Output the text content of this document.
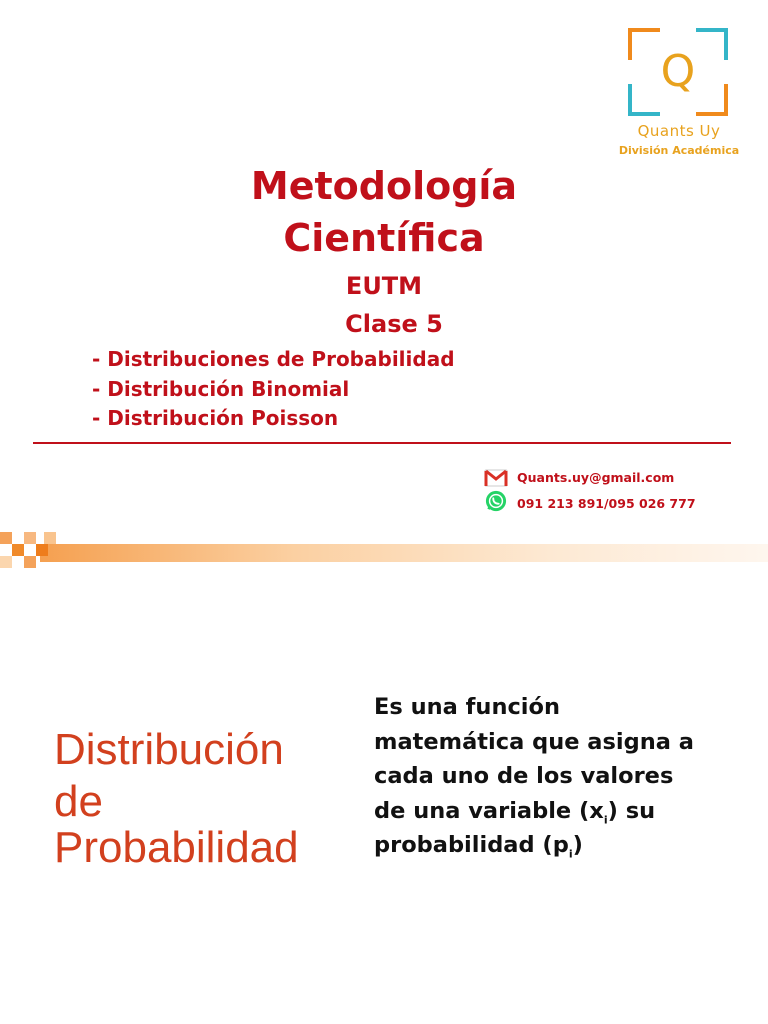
Q
Quants Uy
División Académica
Metodología
Científica
EUTM
Clase 5
- Distribuciones de Probabilidad
- Distribución Binomial
- Distribución Poisson
Quants.uy@gmail.com
091 213 891/095 026 777
Distribución
de
Probabilidad
Es una función
matemática que asigna a
cada uno de los valores
de una variable $(x_i)$ su
probabilidad $(p_i)$
